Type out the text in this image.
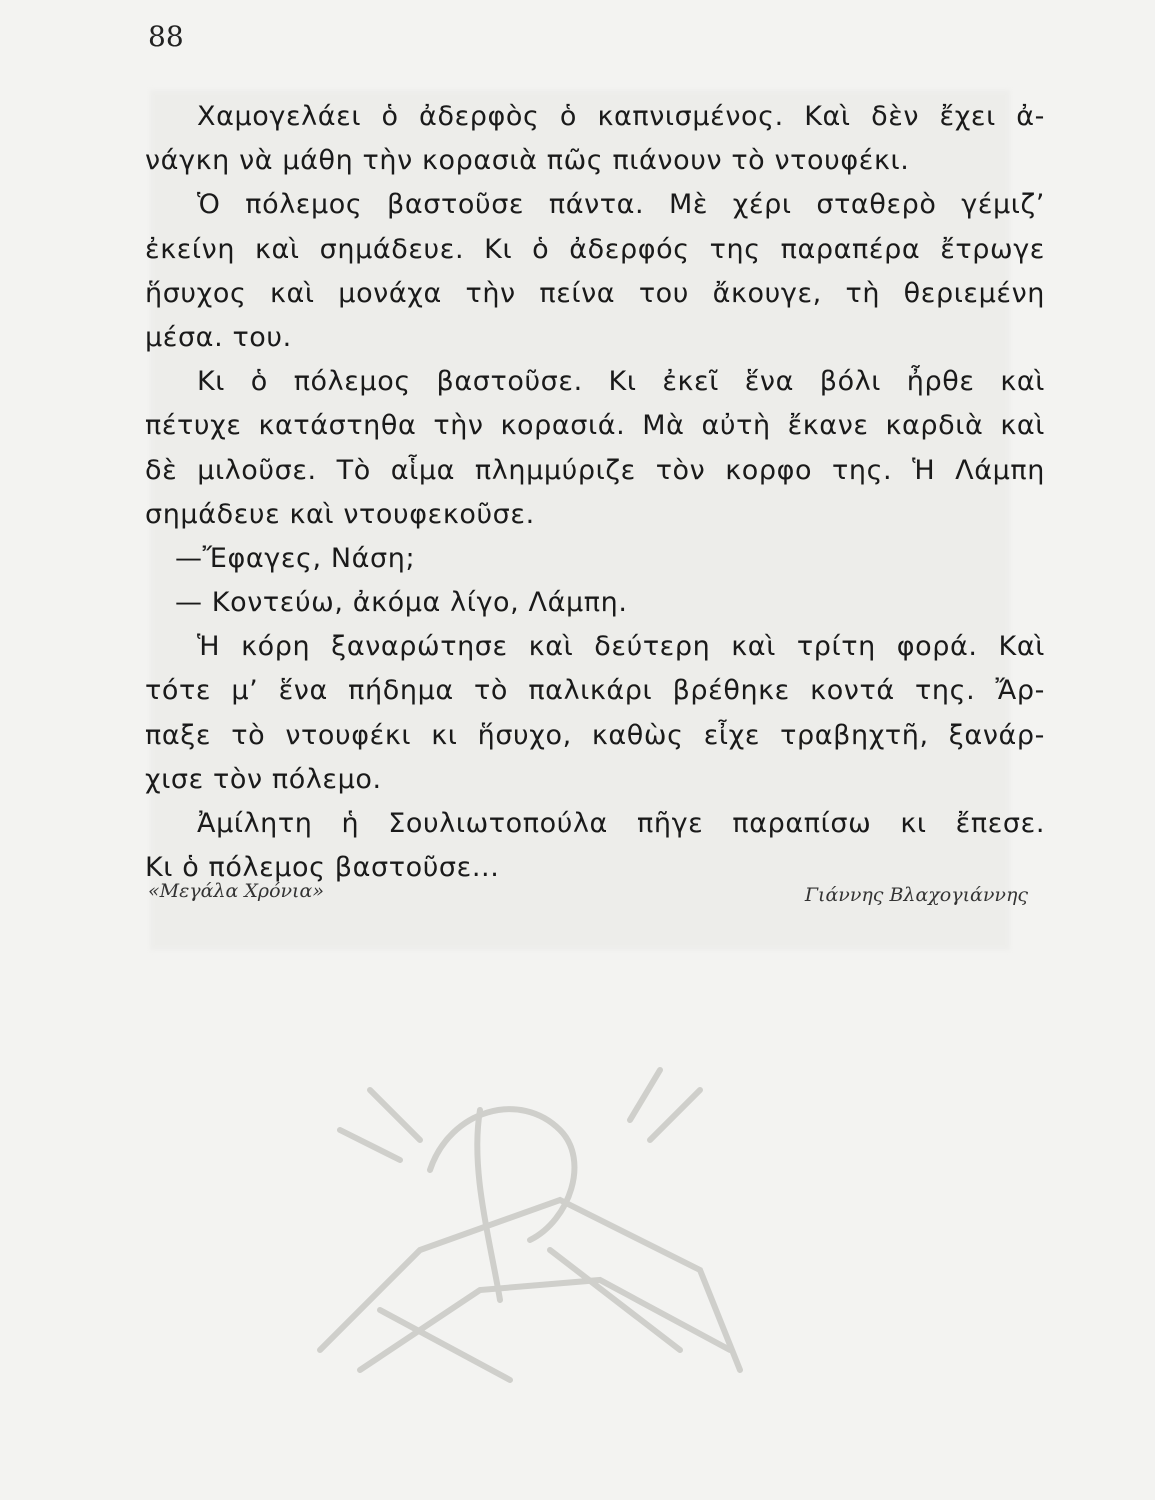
88
Χαμογελάει ὁ ἀδερφὸς ὁ καπνισμένος. Καὶ δὲν ἔχει ἀ-
νάγκη νὰ μάθη τὴν κορασιὰ πῶς πιάνουν τὸ ντουφέκι.
Ὁ πόλεμος βαστοῦσε πάντα. Μὲ χέρι σταθερὸ γέμιζ’
ἐκείνη καὶ σημάδευε. Κι ὁ ἀδερφός της παραπέρα ἔτρωγε
ἥσυχος καὶ μονάχα τὴν πείνα του ἄκουγε, τὴ θεριεμένη
μέσα. του.
Κι ὁ πόλεμος βαστοῦσε. Κι ἐκεῖ ἕνα βόλι ἦρθε καὶ
πέτυχε κατάστηθα τὴν κορασιά. Μὰ αὐτὴ ἔκανε καρδιὰ καὶ
δὲ μιλοῦσε. Τὸ αἷμα πλημμύριζε τὸν κορφο της. Ἡ Λάμπη
σημάδευε καὶ ντουφεκοῦσε.
—Ἔφαγες, Νάση;
— Κοντεύω, ἀκόμα λίγο, Λάμπη.
Ἡ κόρη ξαναρώτησε καὶ δεύτερη καὶ τρίτη φορά. Καὶ
τότε μ’ ἕνα πήδημα τὸ παλικάρι βρέθηκε κοντά της. Ἄρ-
παξε τὸ ντουφέκι κι ἥσυχο, καθὼς εἶχε τραβηχτῆ, ξανάρ-
χισε τὸν πόλεμο.
Ἀμίλητη ἡ Σουλιωτοπούλα πῆγε παραπίσω κι ἔπεσε.
Κι ὁ πόλεμος βαστοῦσε...
«Μεγάλα Χρόνια»	Γιάννης Βλαχογιάννης
